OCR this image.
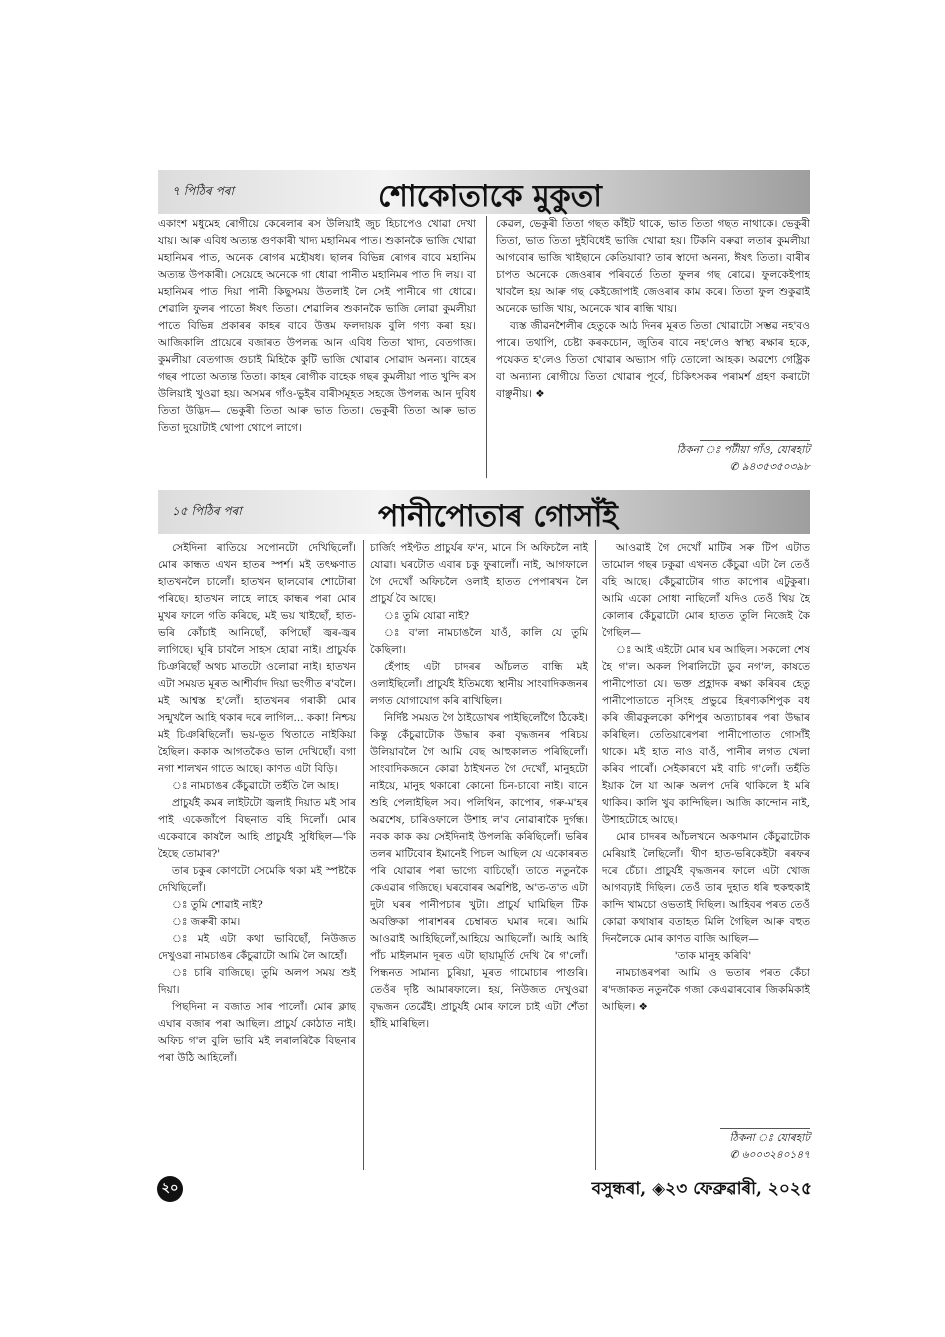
৭ পিঠিৰ পৰা	শোকোতাকে মুকুতা

একাংশ মধুমেহ ৰোগীয়ে কেৰেলাৰ ৰস উলিয়াই জুচ হিচাপেও খোৱা দেখা যায়। আৰু এবিধ অত্যন্ত গুণকাৰী খাদ্য মহানিমৰ পাত। শুকানকৈ ভাজি খোৱা মহানিমৰ পাত, অনেক ৰোগৰ মহৌষধ। ছালৰ বিভিন্ন ৰোগৰ বাবে মহানিম অত্যন্ত উপকাৰী। সেয়েহে অনেকে গা ধোৱা পানীত মহানিমৰ পাত দি লয়। বা মহানিমৰ পাত দিয়া পানী কিছুসময় উতলাই লৈ সেই পানীৰে গা ধোৱে। শেৱালি ফুলৰ পাতো ঈষৎ তিতা। শেৱালিৰ শুকানকৈ ভাজি লোৱা কুমলীয়া পাতে বিভিন্ন প্ৰকাৰৰ কাহৰ বাবে উত্তম ফলদায়ক বুলি গণ্য কৰা হয়। আজিকালি প্ৰায়েৰে বজাৰত উপলব্ধ আন এবিধ তিতা খাদ্য, বেতগাজ। কুমলীয়া বেতগাজ গুচাই মিহিকৈ কুটি ভাজি খোৱাৰ সোৱাদ অনন্য। বাহেৰ গছৰ পাতো অত্যন্ত তিতা। কাহৰ ৰোগীক বাহেক গছৰ কুমলীয়া পাত খুন্দি ৰস উলিয়াই খুওৱা হয়। অসমৰ গাঁও-ভুইৰ বাৰীসমূহত সহজে উপলব্ধ আন দুবিধ তিতা উদ্ভিদ— ভেকুৰী তিতা আৰু ভাত তিতা। ভেকুৰী তিতা আৰু ভাত তিতা দুয়োটাই থোপা থোপে লাগে।

কেৱল, ভেকুৰী তিতা গছত কাঁইট থাকে, ভাত তিতা গছত নাথাকে। ভেকুৰী তিতা, ভাত তিতা দুইবিধেই ভাজি খোৱা হয়। টিকনি বৰুৱা লতাৰ কুমলীয়া আগবোৰ ভাজি খাইছানে কেতিয়াবা? তাৰ স্বাদো অনন্য, ঈষৎ তিতা। বাৰীৰ চাপত অনেকে জেওৰাৰ পৰিবৰ্তে তিতা ফুলৰ গছ ৰোৱে। ফুলকেইপাহ খাবলৈ হয় আৰু গছ কেইজোপাই জেওৰাৰ কাম কৰে। তিতা ফুল শুকুৱাই অনেকে ভাজি খায়, অনেকে খাৰ ৰান্ধি খায়।

ব্যস্ত জীৱনশৈলীৰ হেতুকে আঠ দিনৰ মূৰত তিতা খোৱাটো সম্ভৱ নহ'বও পাৰে। তথাপি, চেষ্টা কৰকচোন, জুতিৰ বাবে নহ'লেও স্বাস্থ্য ৰক্ষাৰ হকে, পযেকত হ'লেও তিতা খোৱাৰ অভ্যাস গঢ়ি তোলো আহক। অৱশ্যে গেষ্ট্ৰিক বা অন্যান্য ৰোগীয়ে তিতা খোৱাৰ পূৰ্বে, চিকিৎসকৰ পৰামৰ্শ গ্ৰহণ কৰাটো বাঞ্ছনীয়। ❖

ঠিকনা ঃ পটীয়া গাঁও, যোৰহাট
✆ ৯৪৩৫৩৫০৩৯৮
১৫ পিঠিৰ পৰা	পানীপোতাৰ গোসাঁই

সেইদিনা ৰাতিয়ে সপোনটো দেখিছিলোঁ। মোৰ কান্ধত এখন হাতৰ স্পৰ্শ। মই তৎক্ষণাত হাতখনলৈ চালোঁ। হাতখন ছালবোৰ শোটোৰা পৰিছে। হাতখন লাহে লাহে কান্ধৰ পৰা মোৰ মুখৰ ফালে গতি কৰিছে, মই ভয় খাইছোঁ, হাত-ভৰি কোঁচাই আনিছোঁ, কপিছোঁ জ্বৰ-জ্বৰ লাগিছে। ঘূৰি চাবলৈ সাহস হোৱা নাই। প্ৰাচুৰ্যক চিঞৰিছোঁ অথচ মাতটো ওলোৱা নাই। হাতখন এটা সময়ত মূৰত আশীৰ্বাদ দিয়া ভংগীত ৰ'বলৈ। মই আশ্বস্ত হ'লোঁ। হাতখনৰ গৰাকী মোৰ সন্মুখলৈ আহি থকাৰ দৰে লাগিল... ককা! নিশ্চয় মই চিঞৰিছিলোঁ। ভয়-ভূত থিতাতে নাইকিয়া হৈছিল। ককাক আগতকৈও ভাল দেখিছোঁ। বগা নগা শালখন গাতে আছে। কাণত এটা বিড়ি।

ঃ নামচাঙৰ কেঁচুৱাটো তহঁতি লৈ আহ।

প্ৰাচুৰ্যই কমৰ লাইটটো জ্বলাই দিয়াত মই সাৰ পাই একেজাঁপে বিছনাত বহি দিলোঁ। মোৰ একেবাৰে কাষলৈ আহি প্ৰাচুৰ্যই সুধিছিল—'কি হৈছে তোমাৰ?'

তাৰ চকুৰ কোণটো সেমেকি থকা মই স্পষ্টকৈ দেখিছিলোঁ।

ঃ তুমি শোৱাই নাই?

ঃ জৰুৰী কাম।

ঃ মই এটা কথা ভাবিছোঁ, নিউজত দেখুওৱা নামচাঙৰ কেঁচুৱাটো আমি লৈ আহোঁ।

ঃ চাৰি বাজিছে। তুমি অলপ সময় শুই দিয়া।

পিছদিনা ন বজাত সাৰ পালোঁ। মোৰ ক্লাছ এঘাৰ বজাৰ পৰা আছিল। প্ৰাচুৰ্য কোঠাত নাই। অফিচ গ'ল বুলি ভাবি মই লৰালৰিকৈ বিছনাৰ পৰা উঠি আহিলোঁ।

চাৰ্জিং পইণ্টত প্ৰাচুৰ্যৰ ফ'ন, মানে সি অফিচলৈ নাই যোৱা। ঘৰটোত এবাৰ চকু ফুৰালোঁ। নাই, আগফালে গৈ দেখোঁ অফিচলৈ ওলাই হাতত পেপাৰখন লৈ প্ৰাচুৰ্য বৈ আছে।

ঃ তুমি যোৱা নাই?

ঃ ব'লা নামচাঙলৈ যাওঁ, কালি যে তুমি কৈছিলা।

হেঁপাহ এটা চাদৰৰ আঁচলত বান্ধি মই ওলাইছিলোঁ। প্ৰাচুৰ্যই ইতিমধ্যে স্থানীয় সাংবাদিকজনৰ লগত যোগাযোগ কৰি ৰাখিছিল।

নিৰ্দিষ্ট সময়ত গৈ ঠাইডোখৰ পাইছিলোঁগৈ ঠিকেই। কিন্তু কেঁচুৱাটোক উদ্ধাৰ কৰা বৃদ্ধজনৰ পৰিচয় উলিয়াবলৈ গৈ আমি বেছ আহুকালত পৰিছিলোঁ। সাংবাদিকজনে কোৱা ঠাইখনত গৈ দেখোঁ, মানুহটো নাইয়ে, মানুহ থকাৰো কোনো চিন-চাবো নাই। বানে শুহি পেলাইছিল সব। পলিথিন, কাপোৰ, গৰু-ম'হৰ অৱশেষ, চাৰিওফালে উশাহ ল'ব নোৱাৰাকৈ দুৰ্গন্ধ। নবক কাক কয় সেইদিনাই উপলব্ধি কৰিছিলোঁ। ভৰিৰ তলৰ মাটিবোৰ ইমানেই পিচল আছিল যে একোৰৰত পৰি যোৱাৰ পৰা ভাগ্যে বাচিছোঁ। তাতে নতুনকৈ কেএৱাৰ গজিছে। ঘৰবোৰৰ অৱশিষ্ট, অ'ত-ত'ত এটা দুটা ঘৰৰ পানীপচাৰ খুটা। প্ৰাচুৰ্য ঘামিছিল টিক অবক্তিকা পাৰাশৰৰ চেম্বাৰত ঘমাৰ দৰে। আমি আওৱাই আহিছিলোঁ,আহিয়ে আছিলোঁ। আহি আহি পাঁচ মাইলমান দূৰত এটা ছায়ামূৰ্তি দেখি ৰৈ গ'লোঁ। পিন্ধনত সামান্য চুৰিয়া, মূৰত গামোচাৰ পাগুৰি। তেওঁৰ দৃষ্টি আমাৰফালে। হয়, নিউজত দেখুওৱা বৃদ্ধজন তেৱেঁই। প্ৰাচুৰ্যই মোৰ ফালে চাই এটা শেঁতা হাঁহি মাৰিছিল।

আওৱাই গৈ দেখোঁ মাটিৰ সৰু টিপ এটাত তামোল গছৰ ঢকুৱা এখনত কেঁচুৱা এটা লৈ তেওঁ বহি আছে। কেঁচুৱাটোৰ গাত কাপোৰ এটুকুৰা। আমি একো সোধা নাছিলোঁ যদিও তেওঁ থিয় হৈ কোলাৰ কেঁচুৱাটো মোৰ হাতত তুলি নিজেই কৈ গৈছিল—

ঃ আই এইটো মোৰ ঘৰ আছিল। সকলো শেষ হৈ গ'ল। অকল পিৰালিটো ডুব নগ'ল, কাষতে পানীপোতা যে। ভক্ত প্ৰহ্লাদক ৰক্ষা কৰিবৰ হেতু পানীপোতাতে নৃসিংহ প্ৰভুৱে হিৰণ্যকশিপুক বধ কৰি জীৱকুলকো কশিপুৰ অত্যাচাৰৰ পৰা উদ্ধাৰ কৰিছিল। তেতিয়াৰেপৰা পানীপোতাত গোসাঁই থাকে। মই হাত নাও বাওঁ, পানীৰ লগত খেলা কৰিব পাৰোঁ। সেইকাৰণে মই বাচি গ'লোঁ। তহঁতি ইয়াক লৈ যা আৰু অলপ দেৰি থাকিলে ই মৰি থাকিব। কালি খুব কান্দিছিল। আজি কান্দোন নাই, উশাহটোহে আছে।

মোৰ চাদৰৰ আঁচলখনে অকণমান কেঁচুৱাটোক মেৰিয়াই লৈছিলোঁ। খীণ হাত-ভৰিকেইটা ৰৰফৰ দৰে চেঁচা। প্ৰাচুৰ্যই বৃদ্ধজনৰ ফালে এটা খোজ আগবঢ়াই দিছিল। তেওঁ তাৰ দুহাত ধৰি হুকহুকাই কান্দি খামচো ওভতাই দিছিল। আহিবৰ পৰত তেওঁ কোৱা কথাষাৰ বতাহত মিলি গৈছিল আৰু বহুত দিনলৈকে মোৰ কাণত বাজি আছিল—

'তাক মানুহ কৰিবি'

নামচাঙৰপৰা আমি ও ভতাৰ পৰত কেঁচা ৰ'দজাকত নতুনকৈ গজা কেএৱাৰবোৰ জিকমিকাই আছিল। ❖

ঠিকনা ঃ যোৰহাট
✆ ৬০০৩২৪০১৪৭
২০	বসুন্ধৰা, ◈২৩ ফেব্ৰুৱাৰী, ২০২৫
